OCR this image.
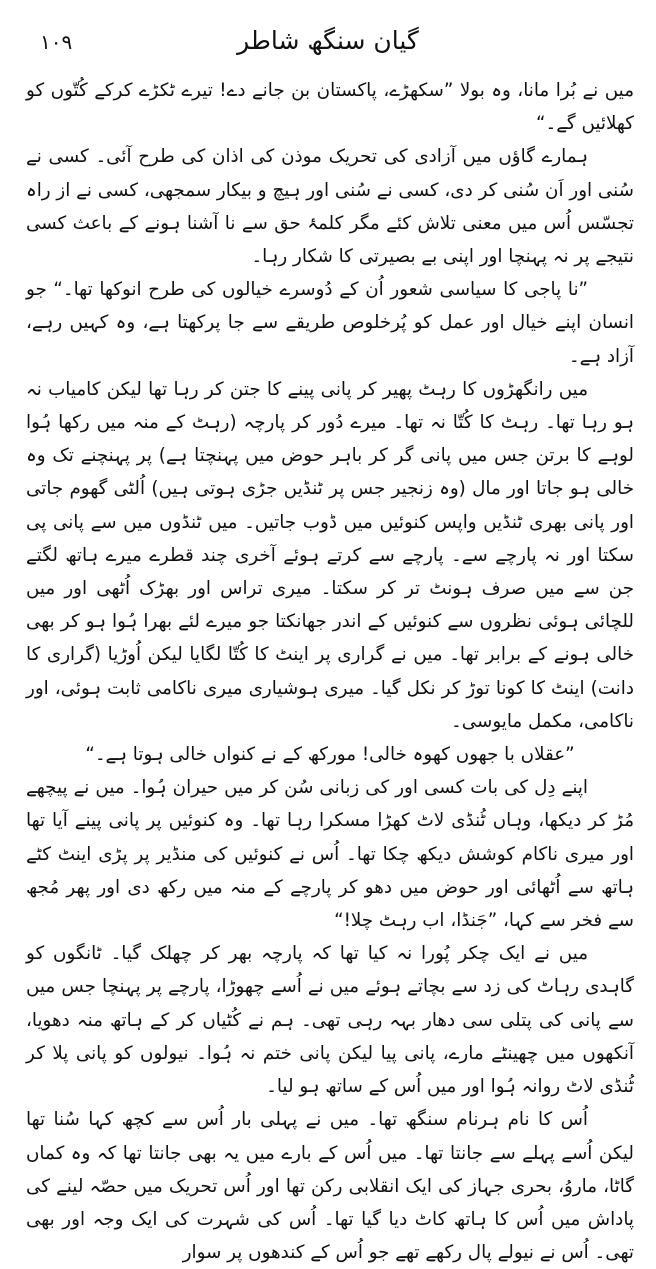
١٠٩	گیان سنگھ شاطر

میں نے بُرا مانا، وہ بولا ”سکھڑے، پاکستان بن جانے دے! تیرے ٹکڑے کرکے کُتّوں کو کھلائیں گے۔“

ہمارے گاؤں میں آزادی کی تحریک موذن کی اذان کی طرح آئی۔ کسی نے سُنی اور اَن سُنی کر دی، کسی نے سُنی اور ہیچ و بیکار سمجھی، کسی نے از راہ تجسّس اُس میں معنی تلاش کئے مگر کلمۂ حق سے نا آشنا ہونے کے باعث کسی نتیجے پر نہ پہنچا اور اپنی بے بصیرتی کا شکار رہا۔

”نا پاجی کا سیاسی شعور اُن کے دُوسرے خیالوں کی طرح انوکھا تھا۔“ جو انسان اپنے خیال اور عمل کو پُرخلوص طریقے سے جا پرکھتا ہے، وہ کہیں رہے، آزاد ہے۔

میں رانگھڑوں کا رہٹ پھیر کر پانی پینے کا جتن کر رہا تھا لیکن کامیاب نہ ہو رہا تھا۔ رہٹ کا کُتّا نہ تھا۔ میرے دُور کر پارچہ (رہٹ کے منہ میں رکھا ہُوا لوہے کا برتن جس میں پانی گر کر باہر حوض میں پہنچتا ہے) پر پہنچنے تک وہ خالی ہو جاتا اور مال (وہ زنجیر جس پر ٹنڈیں جڑی ہوتی ہیں) اُلٹی گھوم جاتی اور پانی بھری ٹنڈیں واپس کنوئیں میں ڈوب جاتیں۔ میں ٹنڈوں میں سے پانی پی سکتا اور نہ پارچے سے۔ پارچے سے کرتے ہوئے آخری چند قطرے میرے ہاتھ لگتے جن سے میں صرف ہونٹ تر کر سکتا۔ میری تراس اور بھڑک اُٹھی اور میں للچائی ہوئی نظروں سے کنوئیں کے اندر جھانکتا جو میرے لئے بھرا ہُوا ہو کر بھی خالی ہونے کے برابر تھا۔ میں نے گراری پر اینٹ کا کُتّا لگایا لیکن اُوڑیا (گراری کا دانت) اینٹ کا کونا توڑ کر نکل گیا۔ میری ہوشیاری میری ناکامی ثابت ہوئی، اور ناکامی، مکمل مایوسی۔

”عقلاں با جھوں کھوہ خالی! مورکھ کے نے کنواں خالی ہوتا ہے۔“

اپنے دِل کی بات کسی اور کی زبانی سُن کر میں حیران ہُوا۔ میں نے پیچھے مُڑ کر دیکھا، وہاں ٹُنڈی لاٹ کھڑا مسکرا رہا تھا۔ وہ کنوئیں پر پانی پینے آیا تھا اور میری ناکام کوشش دیکھ چکا تھا۔ اُس نے کنوئیں کی منڈیر پر پڑی اینٹ کٹے ہاتھ سے اُٹھائی اور حوض میں دھو کر پارچے کے منہ میں رکھ دی اور پھر مُجھ سے فخر سے کہا، ”جَنڈا، اب رہٹ چلا!“

میں نے ایک چکر پُورا نہ کیا تھا کہ پارچہ بھر کر چھلک گیا۔ ٹانگوں کو گاہدی رہاٹ کی زد سے بچاتے ہوئے میں نے اُسے چھوڑا، پارچے پر پہنچا جس میں سے پانی کی پتلی سی دھار بہہ رہی تھی۔ ہم نے کُٹیاں کر کے ہاتھ منہ دھویا، آنکھوں میں چھینٹے مارے، پانی پیا لیکن پانی ختم نہ ہُوا۔ نیولوں کو پانی پلا کر ٹُنڈی لاٹ روانہ ہُوا اور میں اُس کے ساتھ ہو لیا۔

اُس کا نام ہرنام سنگھ تھا۔ میں نے پہلی بار اُس سے کچھ کہا سُنا تھا لیکن اُسے پہلے سے جانتا تھا۔ میں اُس کے بارے میں یہ بھی جانتا تھا کہ وہ کماں گاٹا، ماروُ، بحری جہاز کی ایک انقلابی رکن تھا اور اُس تحریک میں حصّہ لینے کی پاداش میں اُس کا ہاتھ کاٹ دیا گیا تھا۔ اُس کی شہرت کی ایک وجہ اور بھی تھی۔ اُس نے نیولے پال رکھے تھے جو اُس کے کندھوں پر سوار
